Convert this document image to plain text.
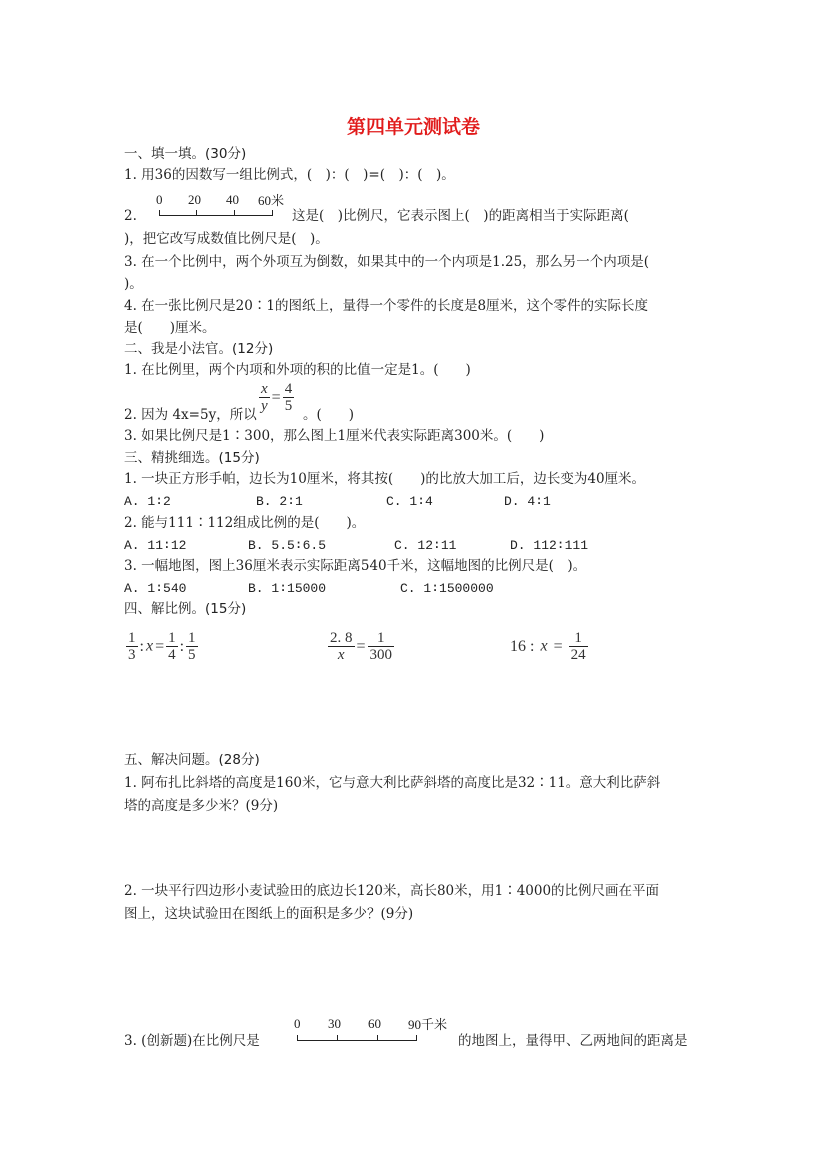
第四单元测试卷
一、填一填。(30分)
1. 用36的因数写一组比例式，(　)：(　)=(　)：(　)。
2.
0 20 40 60米
这是(　)比例尺，它表示图上(　)的距离相当于实际距离(
)，把它改写成数值比例尺是(　)。
3. 在一个比例中，两个外项互为倒数，如果其中的一个内项是1.25，那么另一个内项是(
)。
4. 在一张比例尺是20∶1的图纸上，量得一个零件的长度是8厘米，这个零件的实际长度
是(　　)厘米。
二、我是小法官。(12分)
1. 在比例里，两个内项和外项的积的比值一定是1。(　　)
2. 因为 4x=5y，所以
$\frac{x}{y} = \frac{4}{5}$
。(　　)
3. 如果比例尺是1∶300，那么图上1厘米代表实际距离300米。(　　)
三、精挑细选。(15分)
1. 一块正方形手帕，边长为10厘米，将其按(　　)的比放大加工后，边长变为40厘米。
A. 1∶2	B. 2∶1	C. 1∶4	D. 4∶1
2. 能与111∶112组成比例的是(　　)。
A. 11∶12	B. 5.5∶6.5	C. 12∶11	D. 112∶111
3. 一幅地图，图上36厘米表示实际距离540千米，这幅地图的比例尺是(　)。
A. 1∶540	B. 1∶15000	C. 1∶1500000
四、解比例。(15分)
$\frac{1}{3}$ : $x = \frac{1}{4}$ : $\frac{1}{5}$	$\frac{2. 8}{x} = \frac{1}{300}$	16 : $x = \frac{1}{24}$
五、解决问题。(28分)
1. 阿布扎比斜塔的高度是160米，它与意大利比萨斜塔的高度比是32∶11。意大利比萨斜
塔的高度是多少米？(9分)
2. 一块平行四边形小麦试验田的底边长120米，高长80米，用1∶4000的比例尺画在平面
图上，这块试验田在图纸上的面积是多少？(9分)
3. (创新题)在比例尺是
0 30 60 90千米
的地图上，量得甲、乙两地间的距离是
